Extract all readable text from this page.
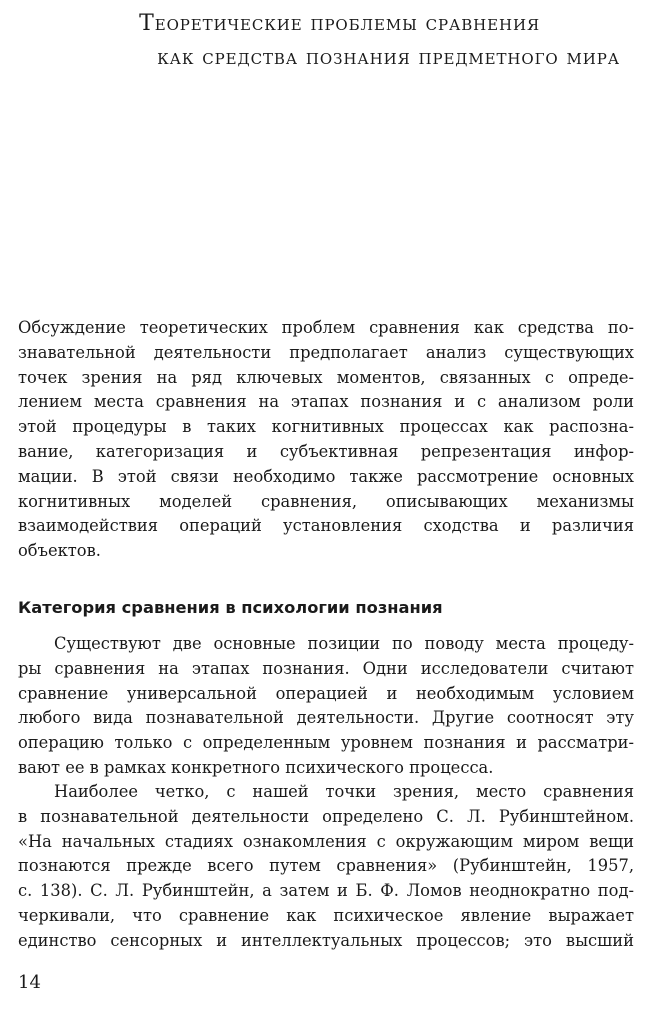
Теоретические проблемы сравнения
как средства познания предметного мира
Обсуждение теоретических проблем сравнения как средства по-
знавательной деятельности предполагает анализ существующих
точек зрения на ряд ключевых моментов, связанных с опреде-
лением места сравнения на этапах познания и с анализом роли
этой процедуры в таких когнитивных процессах как распозна-
вание, категоризация и субъективная репрезентация инфор-
мации. В этой связи необходимо также рассмотрение основных
когнитивных моделей сравнения, описывающих механизмы
взаимодействия операций установления сходства и различия
объектов.
Категория сравнения в психологии познания
Существуют две основные позиции по поводу места процеду-
ры сравнения на этапах познания. Одни исследователи считают
сравнение универсальной операцией и необходимым условием
любого вида познавательной деятельности. Другие соотносят эту
операцию только с определенным уровнем познания и рассматри-
вают ее в рамках конкретного психического процесса.
Наиболее четко, с нашей точки зрения, место сравнения
в познавательной деятельности определено С. Л. Рубинштейном.
«На начальных стадиях ознакомления с окружающим миром вещи
познаются прежде всего путем сравнения» (Рубинштейн, 1957,
с. 138). С. Л. Рубинштейн, а затем и Б. Ф. Ломов неоднократно под-
черкивали, что сравнение как психическое явление выражает
единство сенсорных и интеллектуальных процессов; это высший
14
